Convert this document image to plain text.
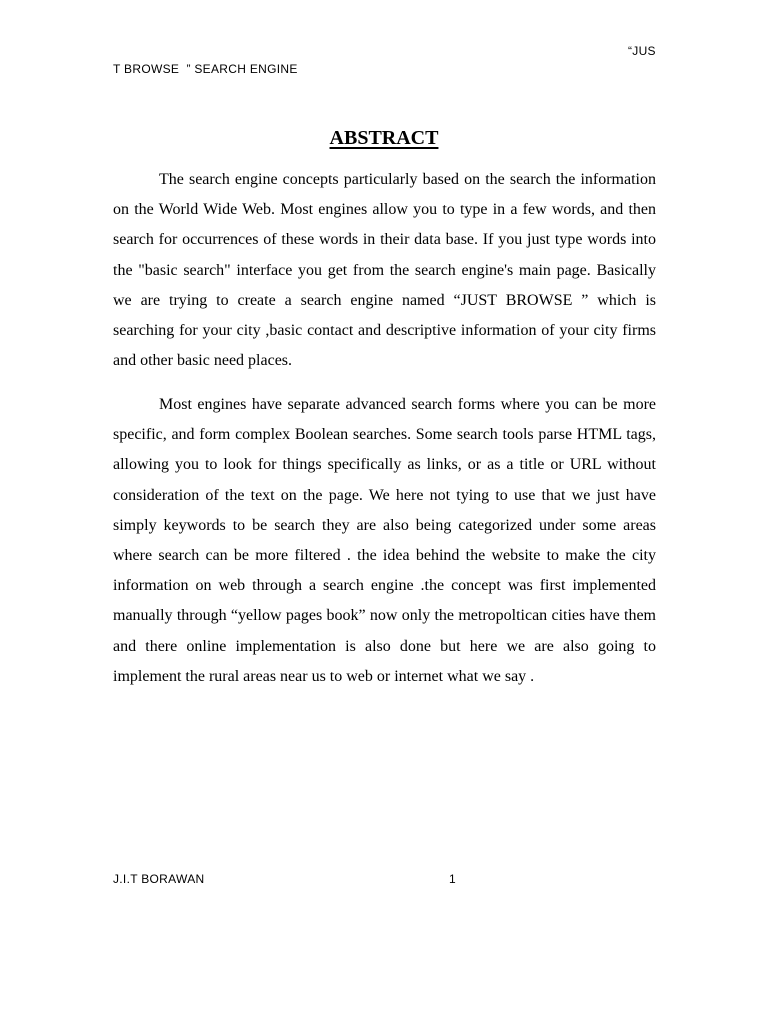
“JUS
T BROWSE  ” SEARCH ENGINE
ABSTRACT

The search engine concepts particularly based on the search the information on the World Wide Web. Most engines allow you to type in a few words, and then search for occurrences of these words in their data base. If you just type words into the "basic search" interface you get from the search engine's main page. Basically we are trying to create a search engine named “JUST BROWSE ” which is searching for your city ,basic contact and descriptive information of your city firms and other basic need places.

Most engines have separate advanced search forms where you can be more specific, and form complex Boolean searches. Some search tools parse HTML tags, allowing you to look for things specifically as links, or as a title or URL without consideration of the text on the page. We here not tying to use that we just have simply keywords to be search they are also being categorized under some areas where search can be more filtered . the idea behind the website to make the city information on web through a search engine .the concept was first implemented manually through “yellow pages book” now only the metropoltican cities have them and there online implementation is also done but here we are also going to implement the rural areas near us to web or internet what we say .

J.I.T BORAWAN	1
